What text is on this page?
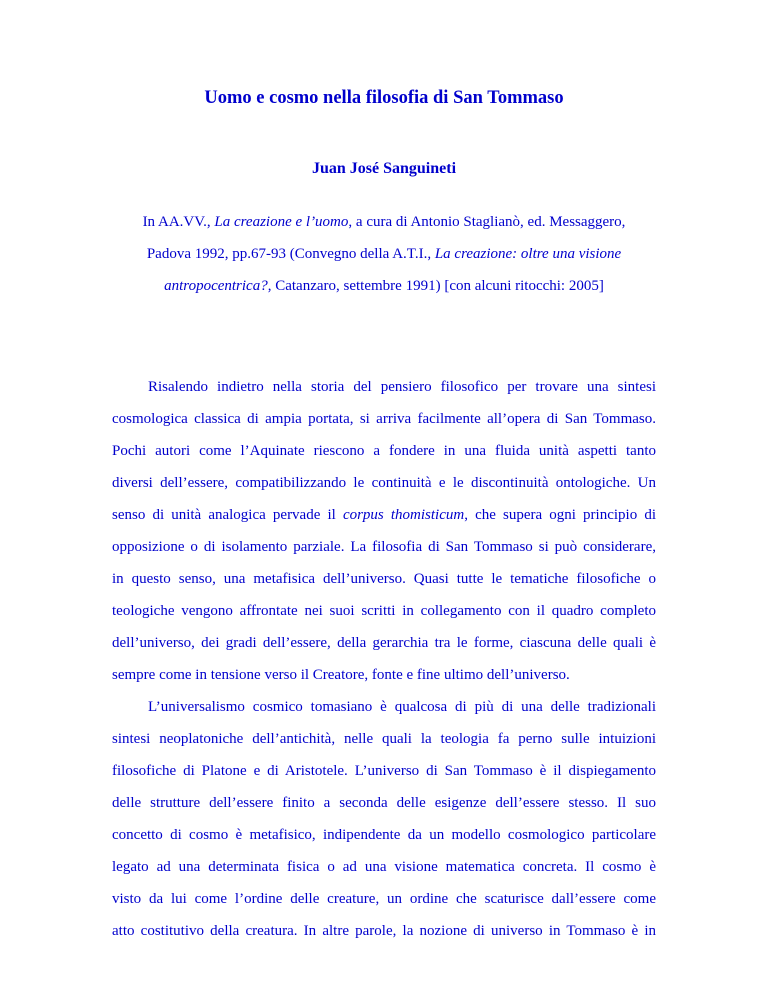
Uomo e cosmo nella filosofia di San Tommaso
Juan José Sanguineti
In AA.VV., La creazione e l’uomo, a cura di Antonio Staglianò, ed. Messaggero,
Padova 1992, pp.67-93 (Convegno della A.T.I., La creazione: oltre una visione
antropocentrica?, Catanzaro, settembre 1991) [con alcuni ritocchi: 2005]

Risalendo indietro nella storia del pensiero filosofico per trovare una sintesi
cosmologica classica di ampia portata, si arriva facilmente all’opera di San Tommaso.
Pochi autori come l’Aquinate riescono a fondere in una fluida unità aspetti tanto
diversi dell’essere, compatibilizzando le continuità e le discontinuità ontologiche. Un
senso di unità analogica pervade il corpus thomisticum, che supera ogni principio di
opposizione o di isolamento parziale. La filosofia di San Tommaso si può considerare,
in questo senso, una metafisica dell’universo. Quasi tutte le tematiche filosofiche o
teologiche vengono affrontate nei suoi scritti in collegamento con il quadro completo
dell’universo, dei gradi dell’essere, della gerarchia tra le forme, ciascuna delle quali è
sempre come in tensione verso il Creatore, fonte e fine ultimo dell’universo.

L’universalismo cosmico tomasiano è qualcosa di più di una delle tradizionali
sintesi neoplatoniche dell’antichità, nelle quali la teologia fa perno sulle intuizioni
filosofiche di Platone e di Aristotele. L’universo di San Tommaso è il dispiegamento
delle strutture dell’essere finito a seconda delle esigenze dell’essere stesso. Il suo
concetto di cosmo è metafisico, indipendente da un modello cosmologico particolare
legato ad una determinata fisica o ad una visione matematica concreta. Il cosmo è
visto da lui come l’ordine delle creature, un ordine che scaturisce dall’essere come
atto costitutivo della creatura. In altre parole, la nozione di universo in Tommaso è in
